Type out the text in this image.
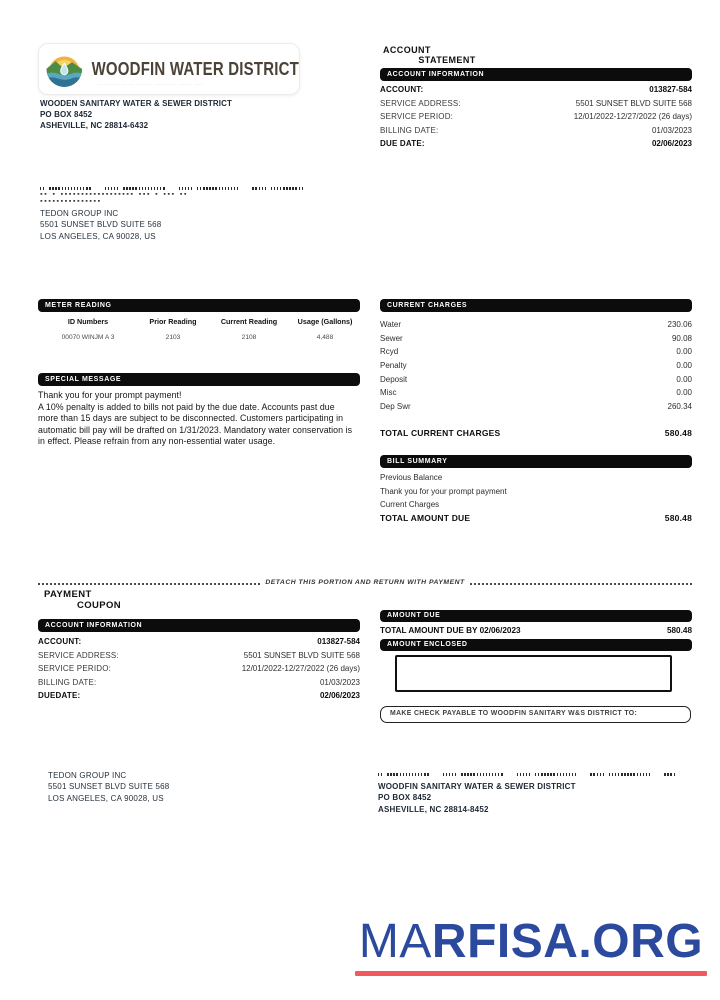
WOODFIN WATER DISTRICT
·· ········ ·· ······ ········ ····· ···
WOODEN SANITARY WATER & SEWER DISTRICT
PO BOX 8452
ASHEVILLE, NC 28814-6432
ACCOUNT
STATEMENT
ACCOUNT INFORMATION
ACCOUNT:	013827-584
SERVICE ADDRESS:	5501 SUNSET BLVD SUITE 568
SERVICE PERIOD:	12/01/2022-12/27/2022 (26 days)
BILLING DATE:	01/03/2023
DUE DATE:	02/06/2023
▪▪ ▪ ▪▪▪▪▪▪▪▪▪▪▪▪▪▪▪▪▪▪ ▪▪▪ ▪ ▪▪▪ ▪▪
▪▪▪▪▪▪▪▪▪▪▪▪▪▪▪
TEDON GROUP INC
5501 SUNSET BLVD SUITE 568
LOS ANGELES, CA 90028, US
METER READING
ID Numbers	Prior Reading	Current Reading	Usage (Gallons)
00070 WINJM A 3	2103	2108	4,488
SPECIAL MESSAGE
Thank you for your prompt payment!
A 10% penalty is added to bills not paid by the due date. Accounts past due more than 15 days are subject to be disconnected. Customers participating in automatic bill pay will be drafted on 1/31/2023. Mandatory water conservation is in effect. Please refrain from any non-essential water usage.
CURRENT CHARGES
Water	230.06
Sewer	90.08
Rcyd	0.00
Penalty	0.00
Deposit	0.00
Misc	0.00
Dep Swr	260.34
TOTAL CURRENT CHARGES	580.48
BILL SUMMARY
Previous Balance
Thank you for your prompt payment
Current Charges
TOTAL AMOUNT DUE	580.48
DETACH THIS PORTION AND RETURN WITH PAYMENT
PAYMENT
COUPON
ACCOUNT INFORMATION
ACCOUNT:	013827-584
SERVICE ADDRESS:	5501 SUNSET BLVD SUITE 568
SERVICE PERIDO:	12/01/2022-12/27/2022 (26 days)
BILLING DATE:	01/03/2023
DUEDATE:	02/06/2023
AMOUNT DUE
TOTAL AMOUNT DUE BY 02/06/2023	580.48
AMOUNT ENCLOSED
MAKE CHECK PAYABLE TO WOODFIN SANITARY W&S DISTRICT TO:
TEDON GROUP INC
5501 SUNSET BLVD SUITE 568
LOS ANGELES, CA 90028, US
WOODFIN SANITARY WATER & SEWER DISTRICT
PO BOX 8452
ASHEVILLE, NC 28814-8452
MARFISA.ORG
